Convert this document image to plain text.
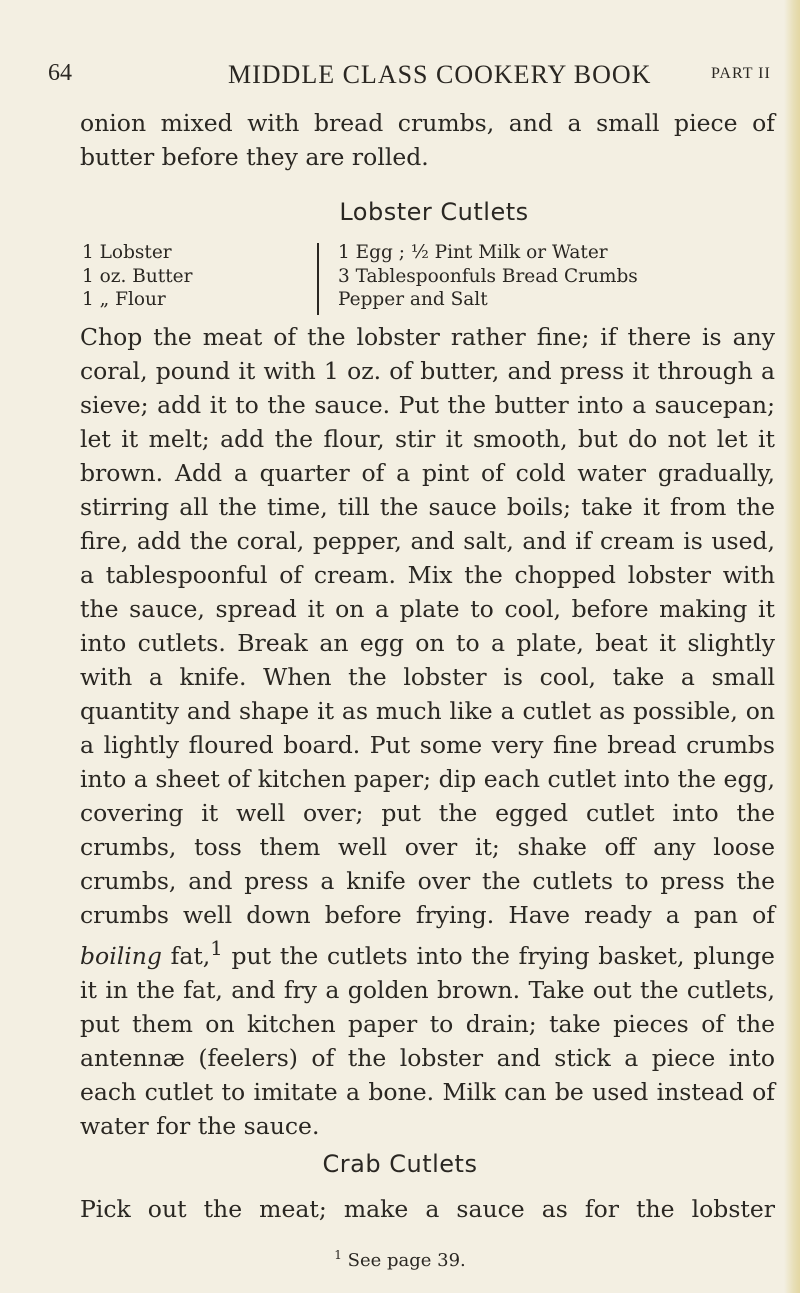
64	MIDDLE CLASS COOKERY BOOK	PART II

onion mixed with bread crumbs, and a small piece of butter before they are rolled.

Lobster Cutlets
1 Lobster
1 oz. Butter
1 „ Flour
1 Egg ; ½ Pint Milk or Water
3 Tablespoonfuls Bread Crumbs
Pepper and Salt

Chop the meat of the lobster rather fine; if there is any coral, pound it with 1 oz. of butter, and press it through a sieve; add it to the sauce. Put the butter into a saucepan; let it melt; add the flour, stir it smooth, but do not let it brown. Add a quarter of a pint of cold water gradually, stirring all the time, till the sauce boils; take it from the fire, add the coral, pepper, and salt, and if cream is used, a tablespoonful of cream. Mix the chopped lobster with the sauce, spread it on a plate to cool, before making it into cutlets. Break an egg on to a plate, beat it slightly with a knife. When the lobster is cool, take a small quantity and shape it as much like a cutlet as possible, on a lightly floured board. Put some very fine bread crumbs into a sheet of kitchen paper; dip each cutlet into the egg, covering it well over; put the egged cutlet into the crumbs, toss them well over it; shake off any loose crumbs, and press a knife over the cutlets to press the crumbs well down before frying. Have ready a pan of boiling fat,$^1$ put the cutlets into the frying basket, plunge it in the fat, and fry a golden brown. Take out the cutlets, put them on kitchen paper to drain; take pieces of the antennæ (feelers) of the lobster and stick a piece into each cutlet to imitate a bone. Milk can be used instead of water for the sauce.

Crab Cutlets

Pick out the meat; make a sauce as for the lobster

$^1$ See page 39.
